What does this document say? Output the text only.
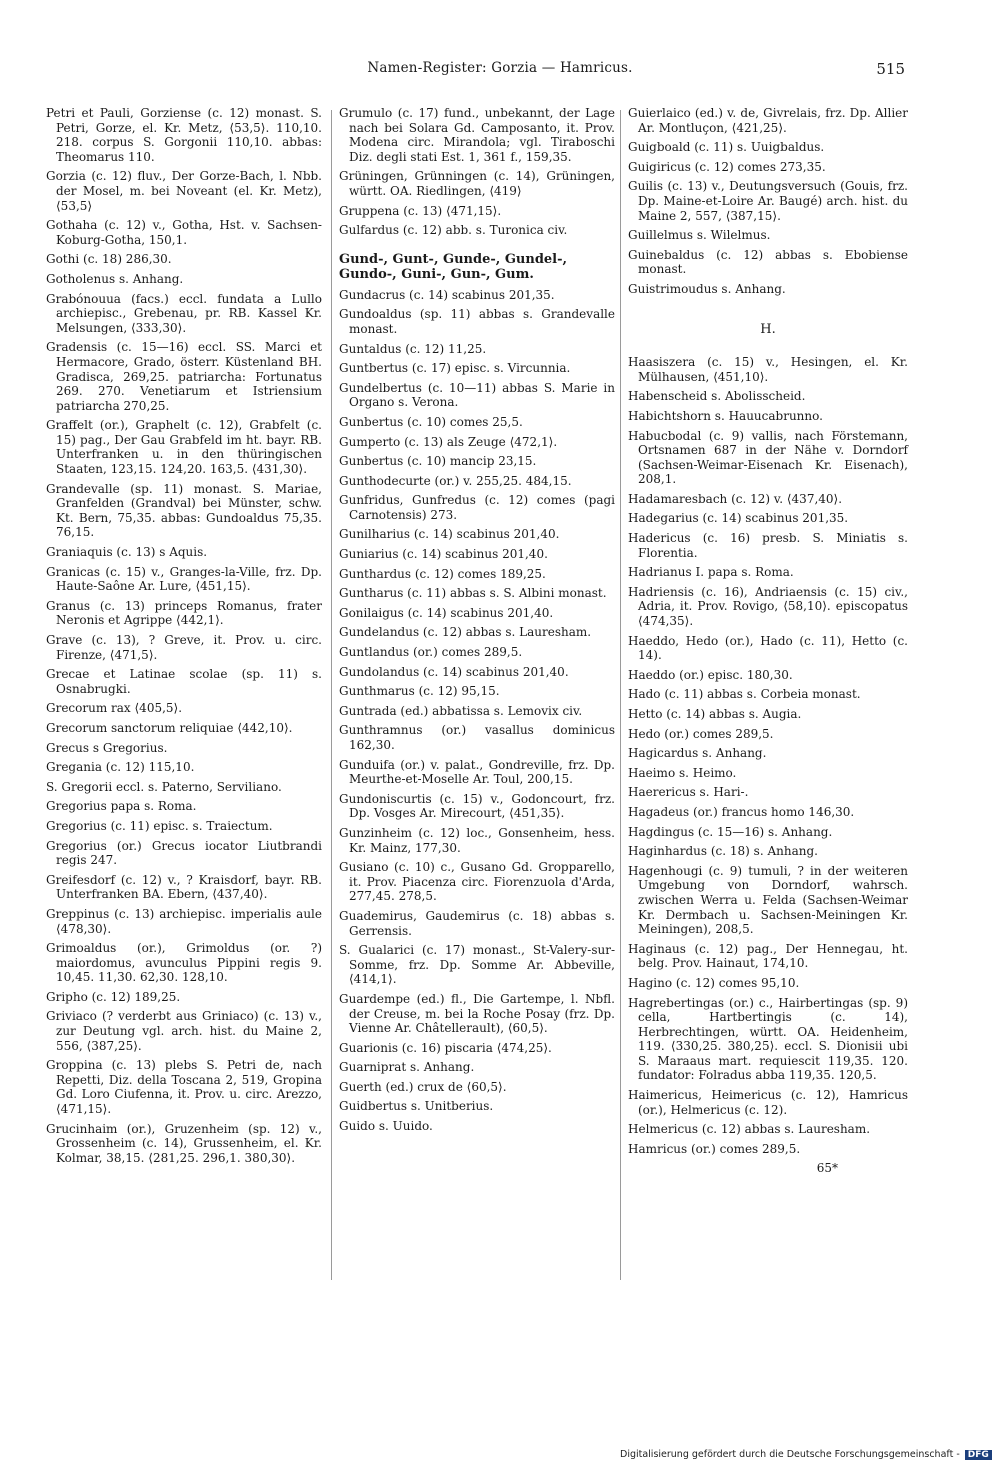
Namen-Register: Gorzia — Hamricus.	515
Petri et Pauli, Gorziense (c. 12) monast. S. Petri, Gorze, el. Kr. Metz, ⟨53,5⟩. 110,10. 218. corpus S. Gorgonii 110,10. abbas: Theomarus 110.
Gorzia (c. 12) fluv., Der Gorze-Bach, l. Nbb. der Mosel, m. bei Noveant (el. Kr. Metz), ⟨53,5⟩
Gothaha (c. 12) v., Gotha, Hst. v. Sachsen-Koburg-Gotha, 150,1.
Gothi (c. 18) 286,30.
Gotholenus s. Anhang.
Grabónouua (facs.) eccl. fundata a Lullo archiepisc., Grebenau, pr. RB. Kassel Kr. Melsungen, ⟨333,30⟩.
Gradensis (c. 15—16) eccl. SS. Marci et Hermacore, Grado, österr. Küstenland BH. Gradisca, 269,25. patriarcha: Fortunatus 269. 270. Venetiarum et Istriensium patriarcha 270,25.
Graffelt (or.), Graphelt (c. 12), Grabfelt (c. 15) pag., Der Gau Grabfeld im ht. bayr. RB. Unterfranken u. in den thüringischen Staaten, 123,15. 124,20. 163,5. ⟨431,30⟩.
Grandevalle (sp. 11) monast. S. Mariae, Granfelden (Grandval) bei Münster, schw. Kt. Bern, 75,35. abbas: Gundoaldus 75,35. 76,15.
Graniaquis (c. 13) s Aquis.
Granicas (c. 15) v., Granges-la-Ville, frz. Dp. Haute-Saône Ar. Lure, ⟨451,15⟩.
Granus (c. 13) princeps Romanus, frater Neronis et Agrippe ⟨442,1⟩.
Grave (c. 13), ? Greve, it. Prov. u. circ. Firenze, ⟨471,5⟩.
Grecae et Latinae scolae (sp. 11) s. Osnabrugki.
Grecorum rax ⟨405,5⟩.
Grecorum sanctorum reliquiae ⟨442,10⟩.
Grecus s Gregorius.
Gregania (c. 12) 115,10.
S. Gregorii eccl. s. Paterno, Serviliano.
Gregorius papa s. Roma.
Gregorius (c. 11) episc. s. Traiectum.
Gregorius (or.) Grecus iocator Liutbrandi regis 247.
Greifesdorf (c. 12) v., ? Kraisdorf, bayr. RB. Unterfranken BA. Ebern, ⟨437,40⟩.
Greppinus (c. 13) archiepisc. imperialis aule ⟨478,30⟩.
Grimoaldus (or.), Grimoldus (or. ?) maiordomus, avunculus Pippini regis 9. 10,45. 11,30. 62,30. 128,10.
Gripho (c. 12) 189,25.
Griviaco (? verderbt aus Griniaco) (c. 13) v., zur Deutung vgl. arch. hist. du Maine 2, 556, ⟨387,25⟩.
Groppina (c. 13) plebs S. Petri de, nach Repetti, Diz. della Toscana 2, 519, Gropina Gd. Loro Ciufenna, it. Prov. u. circ. Arezzo, ⟨471,15⟩.
Grucinhaim (or.), Gruzenheim (sp. 12) v., Grossenheim (c. 14), Grussenheim, el. Kr. Kolmar, 38,15. ⟨281,25. 296,1. 380,30⟩.
Grumulo (c. 17) fund., unbekannt, der Lage nach bei Solara Gd. Camposanto, it. Prov. Modena circ. Mirandola; vgl. Tiraboschi Diz. degli stati Est. 1, 361 f., 159,35.
Grüningen, Grünningen (c. 14), Grüningen, württ. OA. Riedlingen, ⟨419⟩
Gruppena (c. 13) ⟨471,15⟩.
Gulfardus (c. 12) abb. s. Turonica civ.
Gund-, Gunt-, Gunde-, Gundel-, Gundo-, Guni-, Gun-, Gum.
Gundacrus (c. 14) scabinus 201,35.
Gundoaldus (sp. 11) abbas s. Grandevalle monast.
Guntaldus (c. 12) 11,25.
Guntbertus (c. 17) episc. s. Vircunnia.
Gundelbertus (c. 10—11) abbas S. Marie in Organo s. Verona.
Gunbertus (c. 10) comes 25,5.
Gumperto (c. 13) als Zeuge ⟨472,1⟩.
Gunbertus (c. 10) mancip 23,15.
Gunthodecurte (or.) v. 255,25. 484,15.
Gunfridus, Gunfredus (c. 12) comes (pagi Carnotensis) 273.
Gunilharius (c. 14) scabinus 201,40.
Guniarius (c. 14) scabinus 201,40.
Gunthardus (c. 12) comes 189,25.
Guntharus (c. 11) abbas s. S. Albini monast.
Gonilaigus (c. 14) scabinus 201,40.
Gundelandus (c. 12) abbas s. Lauresham.
Guntlandus (or.) comes 289,5.
Gundolandus (c. 14) scabinus 201,40.
Gunthmarus (c. 12) 95,15.
Guntrada (ed.) abbatissa s. Lemovix civ.
Gunthramnus (or.) vasallus dominicus 162,30.
Gunduifa (or.) v. palat., Gondreville, frz. Dp. Meurthe-et-Moselle Ar. Toul, 200,15.
Gundoniscurtis (c. 15) v., Godoncourt, frz. Dp. Vosges Ar. Mirecourt, ⟨451,35⟩.
Gunzinheim (c. 12) loc., Gonsenheim, hess. Kr. Mainz, 177,30.
Gusiano (c. 10) c., Gusano Gd. Gropparello, it. Prov. Piacenza circ. Fiorenzuola d'Arda, 277,45. 278,5.
Guademirus, Gaudemirus (c. 18) abbas s. Gerrensis.
S. Gualarici (c. 17) monast., St-Valery-sur-Somme, frz. Dp. Somme Ar. Abbeville, ⟨414,1⟩.
Guardempe (ed.) fl., Die Gartempe, l. Nbfl. der Creuse, m. bei la Roche Posay (frz. Dp. Vienne Ar. Châtellerault), ⟨60,5⟩.
Guarionis (c. 16) piscaria ⟨474,25⟩.
Guarniprat s. Anhang.
Guerth (ed.) crux de ⟨60,5⟩.
Guidbertus s. Unitberius.
Guido s. Uuido.
Guierlaico (ed.) v. de, Givrelais, frz. Dp. Allier Ar. Montluçon, ⟨421,25⟩.
Guigboald (c. 11) s. Uuigbaldus.
Guigiricus (c. 12) comes 273,35.
Guilis (c. 13) v., Deutungsversuch (Gouis, frz. Dp. Maine-et-Loire Ar. Baugé) arch. hist. du Maine 2, 557, ⟨387,15⟩.
Guillelmus s. Wilelmus.
Guinebaldus (c. 12) abbas s. Ebobiense monast.
Guistrimoudus s. Anhang.
H.
Haasiszera (c. 15) v., Hesingen, el. Kr. Mülhausen, ⟨451,10⟩.
Habenscheid s. Abolisscheid.
Habichtshorn s. Hauucabrunno.
Habucbodal (c. 9) vallis, nach Förstemann, Ortsnamen 687 in der Nähe v. Dorndorf (Sachsen-Weimar-Eisenach Kr. Eisenach), 208,1.
Hadamaresbach (c. 12) v. ⟨437,40⟩.
Hadegarius (c. 14) scabinus 201,35.
Hadericus (c. 16) presb. S. Miniatis s. Florentia.
Hadrianus I. papa s. Roma.
Hadriensis (c. 16), Andriaensis (c. 15) civ., Adria, it. Prov. Rovigo, ⟨58,10⟩. episcopatus ⟨474,35⟩.
Haeddo, Hedo (or.), Hado (c. 11), Hetto (c. 14).
Haeddo (or.) episc. 180,30.
Hado (c. 11) abbas s. Corbeia monast.
Hetto (c. 14) abbas s. Augia.
Hedo (or.) comes 289,5.
Hagicardus s. Anhang.
Haeimo s. Heimo.
Haerericus s. Hari-.
Hagadeus (or.) francus homo 146,30.
Hagdingus (c. 15—16) s. Anhang.
Haginhardus (c. 18) s. Anhang.
Hagenhougi (c. 9) tumuli, ? in der weiteren Umgebung von Dorndorf, wahrsch. zwischen Werra u. Felda (Sachsen-Weimar Kr. Dermbach u. Sachsen-Meiningen Kr. Meiningen), 208,5.
Haginaus (c. 12) pag., Der Hennegau, ht. belg. Prov. Hainaut, 174,10.
Hagino (c. 12) comes 95,10.
Hagrebertingas (or.) c., Hairbertingas (sp. 9) cella, Hartbertingis (c. 14), Herbrechtingen, württ. OA. Heidenheim, 119. ⟨330,25. 380,25⟩. eccl. S. Dionisii ubi S. Maraaus mart. requiescit 119,35. 120. fundator: Folradus abba 119,35. 120,5.
Haimericus, Heimericus (c. 12), Hamricus (or.), Helmericus (c. 12).
Helmericus (c. 12) abbas s. Lauresham.
Hamricus (or.) comes 289,5.
65*
Digitalisierung gefördert durch die Deutsche Forschungsgemeinschaft - DFG
